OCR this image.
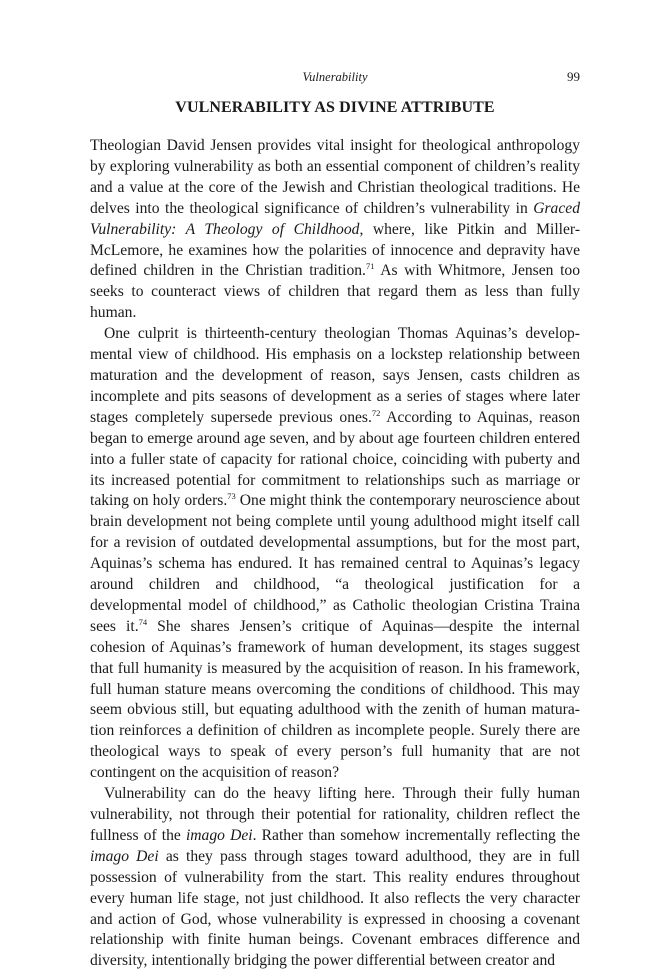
Vulnerability	99
VULNERABILITY AS DIVINE ATTRIBUTE

Theologian David Jensen provides vital insight for theological anthropology by exploring vulnerability as both an essential component of children’s reality and a value at the core of the Jewish and Christian theological traditions. He delves into the theological significance of children’s vulnerability in Graced Vulnerability: A Theology of Childhood, where, like Pitkin and Miller-McLemore, he examines how the polarities of innocence and depravity have defined children in the Christian tradition.$^{71}$ As with Whitmore, Jensen too seeks to counteract views of children that regard them as less than fully human.

One culprit is thirteenth-century theologian Thomas Aquinas’s developmental view of childhood. His emphasis on a lockstep relationship between maturation and the development of reason, says Jensen, casts children as incomplete and pits seasons of development as a series of stages where later stages completely supersede previous ones.$^{72}$ According to Aquinas, reason began to emerge around age seven, and by about age fourteen children entered into a fuller state of capacity for rational choice, coinciding with puberty and its increased potential for commitment to relationships such as marriage or taking on holy orders.$^{73}$ One might think the contemporary neuroscience about brain development not being complete until young adulthood might itself call for a revision of outdated developmental assumptions, but for the most part, Aquinas’s schema has endured. It has remained central to Aquinas’s legacy around children and childhood, “a theological justification for a developmental model of childhood,” as Catholic theologian Cristina Traina sees it.$^{74}$ She shares Jensen’s critique of Aquinas—despite the internal cohesion of Aquinas’s framework of human development, its stages suggest that full humanity is measured by the acquisition of reason. In his framework, full human stature means overcoming the conditions of childhood. This may seem obvious still, but equating adulthood with the zenith of human maturation reinforces a definition of children as incomplete people. Surely there are theological ways to speak of every person’s full humanity that are not contingent on the acquisition of reason?

Vulnerability can do the heavy lifting here. Through their fully human vulnerability, not through their potential for rationality, children reflect the fullness of the imago Dei. Rather than somehow incrementally reflecting the imago Dei as they pass through stages toward adulthood, they are in full possession of vulnerability from the start. This reality endures throughout every human life stage, not just childhood. It also reflects the very character and action of God, whose vulnerability is expressed in choosing a covenant relationship with finite human beings. Covenant embraces difference and diversity, intentionally bridging the power differential between creator and
